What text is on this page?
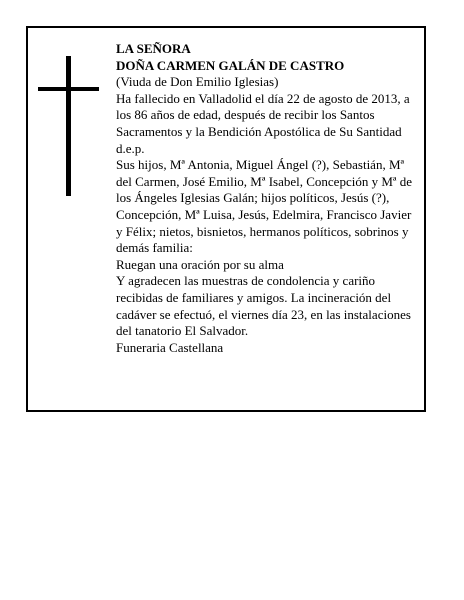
LA SEÑORA

DOÑA CARMEN GALÁN DE CASTRO

(Viuda de Don Emilio Iglesias)

Ha fallecido en Valladolid el día 22 de agosto de 2013, a los 86 años de edad, después de recibir los Santos Sacramentos y la Bendición Apostólica de Su Santidad

d.e.p.

Sus hijos, Mª Antonia, Miguel Ángel (?), Sebastián, Mª del Carmen, José Emilio, Mª Isabel, Concepción y Mª de los Ángeles Iglesias Galán; hijos políticos, Jesús (?), Concepción, Mª Luisa, Jesús, Edelmira, Francisco Javier y Félix; nietos, bisnietos, hermanos políticos, sobrinos y demás familia:

Ruegan una oración por su alma

Y agradecen las muestras de condolencia y cariño recibidas de familiares y amigos. La incineración del cadáver se efectuó, el viernes día 23, en las instalaciones del tanatorio El Salvador.

Funeraria Castellana
